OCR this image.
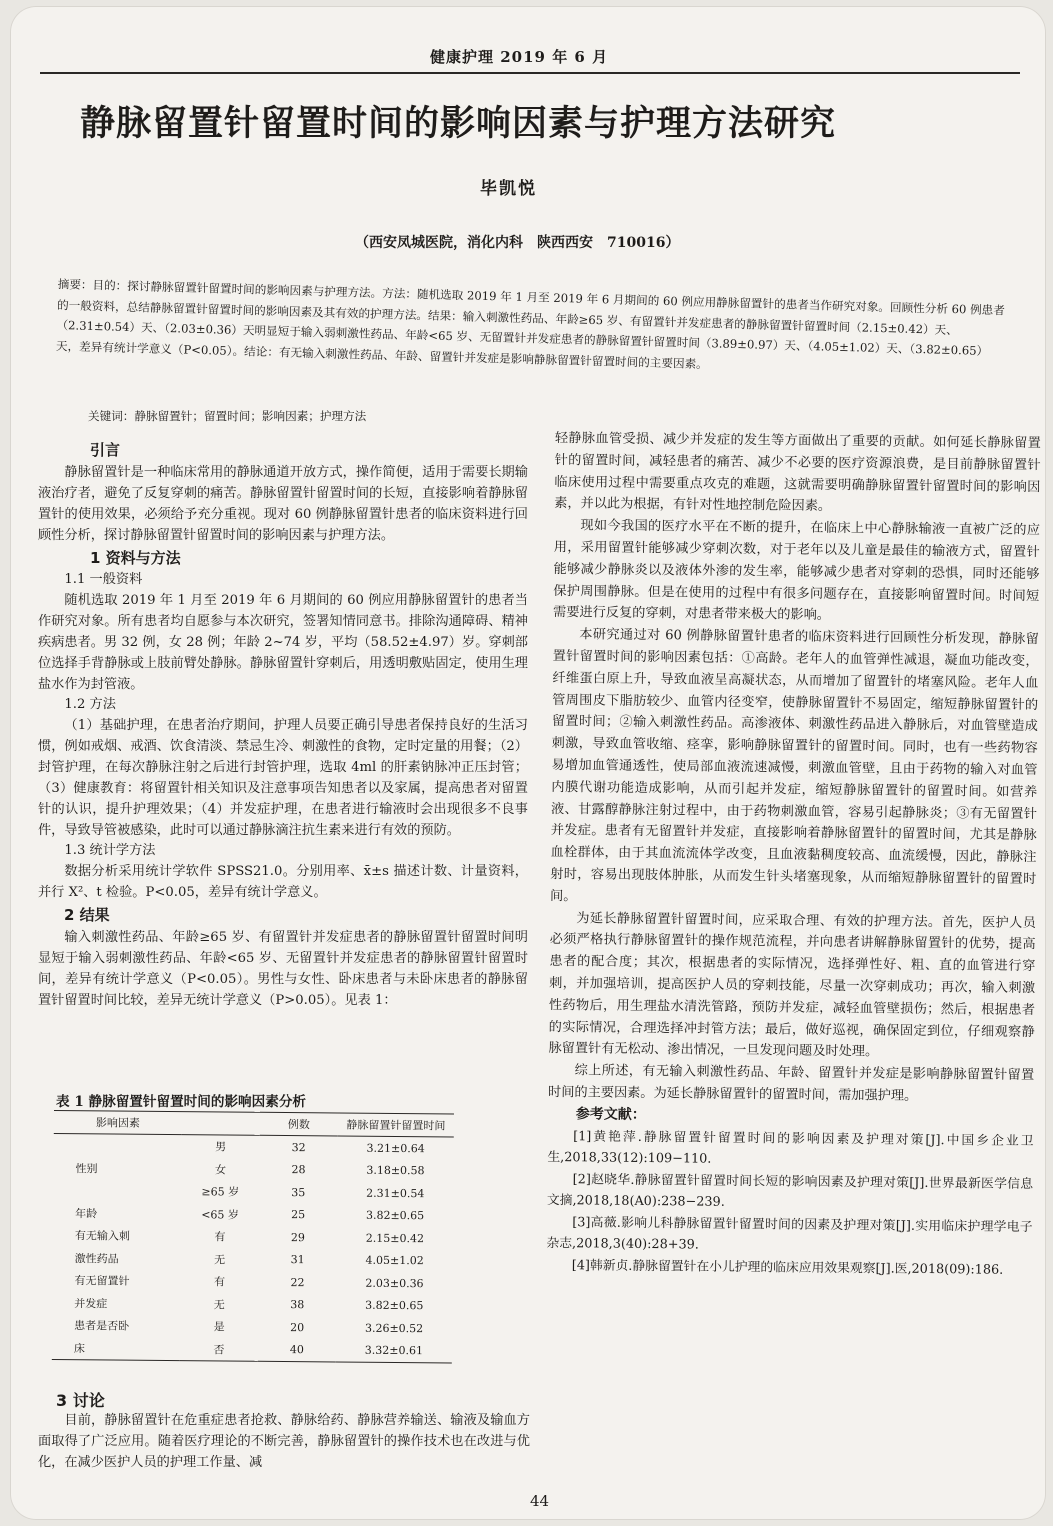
健康护理 2019 年 6 月
静脉留置针留置时间的影响因素与护理方法研究
毕凯悦
（西安凤城医院，消化内科　陕西西安　710016）

摘要：目的：探讨静脉留置针留置时间的影响因素与护理方法。方法：随机选取 2019 年 1 月至 2019 年 6 月期间的 60 例应用静脉留置针的患者当作研究对象。回顾性分析 60 例患者的一般资料，总结静脉留置针留置时间的影响因素及其有效的护理方法。结果：输入刺激性药品、年龄≥65 岁、有留置针并发症患者的静脉留置针留置时间（2.15±0.42）天、（2.31±0.54）天、（2.03±0.36）天明显短于输入弱刺激性药品、年龄<65 岁、无留置针并发症患者的静脉留置针留置时间（3.89±0.97）天、（4.05±1.02）天、（3.82±0.65）天，差异有统计学意义（P<0.05）。结论：有无输入刺激性药品、年龄、留置针并发症是影响静脉留置针留置时间的主要因素。

关键词：静脉留置针；留置时间；影响因素；护理方法
引言

静脉留置针是一种临床常用的静脉通道开放方式，操作简便，适用于需要长期输液治疗者，避免了反复穿刺的痛苦。静脉留置针留置时间的长短，直接影响着静脉留置针的使用效果，必须给予充分重视。现对 60 例静脉留置针患者的临床资料进行回顾性分析，探讨静脉留置针留置时间的影响因素与护理方法。

1 资料与方法

1.1 一般资料

随机选取 2019 年 1 月至 2019 年 6 月期间的 60 例应用静脉留置针的患者当作研究对象。所有患者均自愿参与本次研究，签署知情同意书。排除沟通障碍、精神疾病患者。男 32 例，女 28 例；年龄 2~74 岁，平均（58.52±4.97）岁。穿刺部位选择手背静脉或上肢前臂处静脉。静脉留置针穿刺后，用透明敷贴固定，使用生理盐水作为封管液。

1.2 方法

（1）基础护理，在患者治疗期间，护理人员要正确引导患者保持良好的生活习惯，例如戒烟、戒酒、饮食清淡、禁忌生冷、刺激性的食物，定时定量的用餐；（2）封管护理，在每次静脉注射之后进行封管护理，选取 4ml 的肝素钠脉冲正压封管；（3）健康教育：将留置针相关知识及注意事项告知患者以及家属，提高患者对留置针的认识，提升护理效果；（4）并发症护理，在患者进行输液时会出现很多不良事件，导致导管被感染，此时可以通过静脉滴注抗生素来进行有效的预防。

1.3 统计学方法

数据分析采用统计学软件 SPSS21.0。分别用率、x̄±s 描述计数、计量资料，并行 X²、t 检验。P<0.05，差异有统计学意义。

2 结果

输入刺激性药品、年龄≥65 岁、有留置针并发症患者的静脉留置针留置时间明显短于输入弱刺激性药品、年龄<65 岁、无留置针并发症患者的静脉留置针留置时间，差异有统计学意义（P<0.05）。男性与女性、卧床患者与未卧床患者的静脉留置针留置时间比较，差异无统计学意义（P>0.05）。见表 1：

表 1 静脉留置针留置时间的影响因素分析
影响因素		例数	静脉留置针留置时间
	男	32	3.21±0.64
性别	女	28	3.18±0.58
	≥65 岁	35	2.31±0.54
年龄	<65 岁	25	3.82±0.65
有无输入刺	有	29	2.15±0.42
激性药品	无	31	4.05±1.02
有无留置针	有	22	2.03±0.36
并发症	无	38	3.82±0.65
患者是否卧	是	20	3.26±0.52
床	否	40	3.32±0.61
3 讨论

目前，静脉留置针在危重症患者抢救、静脉给药、静脉营养输送、输液及输血方面取得了广泛应用。随着医疗理论的不断完善，静脉留置针的操作技术也在改进与优化，在减少医护人员的护理工作量、减

轻静脉血管受损、减少并发症的发生等方面做出了重要的贡献。如何延长静脉留置针的留置时间，减轻患者的痛苦、减少不必要的医疗资源浪费，是目前静脉留置针临床使用过程中需要重点攻克的难题，这就需要明确静脉留置针留置时间的影响因素，并以此为根据，有针对性地控制危险因素。

现如今我国的医疗水平在不断的提升，在临床上中心静脉输液一直被广泛的应用，采用留置针能够减少穿刺次数，对于老年以及儿童是最佳的输液方式，留置针能够减少静脉炎以及液体外渗的发生率，能够减少患者对穿刺的恐惧，同时还能够保护周围静脉。但是在使用的过程中有很多问题存在，直接影响留置时间。时间短需要进行反复的穿刺，对患者带来极大的影响。

本研究通过对 60 例静脉留置针患者的临床资料进行回顾性分析发现，静脉留置针留置时间的影响因素包括：①高龄。老年人的血管弹性减退，凝血功能改变，纤维蛋白原上升，导致血液呈高凝状态，从而增加了留置针的堵塞风险。老年人血管周围皮下脂肪较少、血管内径变窄，使静脉留置针不易固定，缩短静脉留置针的留置时间；②输入刺激性药品。高渗液体、刺激性药品进入静脉后，对血管壁造成刺激，导致血管收缩、痉挛，影响静脉留置针的留置时间。同时，也有一些药物容易增加血管通透性，使局部血液流速减慢，刺激血管壁，且由于药物的输入对血管内膜代谢功能造成影响，从而引起并发症，缩短静脉留置针的留置时间。如营养液、甘露醇静脉注射过程中，由于药物刺激血管，容易引起静脉炎；③有无留置针并发症。患者有无留置针并发症，直接影响着静脉留置针的留置时间，尤其是静脉血栓群体，由于其血流流体学改变，且血液黏稠度较高、血流缓慢，因此，静脉注射时，容易出现肢体肿胀，从而发生针头堵塞现象，从而缩短静脉留置针的留置时间。

为延长静脉留置针留置时间，应采取合理、有效的护理方法。首先，医护人员必须严格执行静脉留置针的操作规范流程，并向患者讲解静脉留置针的优势，提高患者的配合度；其次，根据患者的实际情况，选择弹性好、粗、直的血管进行穿刺，并加强培训，提高医护人员的穿刺技能，尽量一次穿刺成功；再次，输入刺激性药物后，用生理盐水清洗管路，预防并发症，减轻血管壁损伤；然后，根据患者的实际情况，合理选择冲封管方法；最后，做好巡视，确保固定到位，仔细观察静脉留置针有无松动、渗出情况，一旦发现问题及时处理。

综上所述，有无输入刺激性药品、年龄、留置针并发症是影响静脉留置针留置时间的主要因素。为延长静脉留置针的留置时间，需加强护理。

参考文献：

[1]黄艳萍.静脉留置针留置时间的影响因素及护理对策[J].中国乡企业卫生,2018,33(12):109−110.

[2]赵晓华.静脉留置针留置时间长短的影响因素及护理对策[J].世界最新医学信息文摘,2018,18(A0):238−239.

[3]高薇.影响儿科静脉留置针留置时间的因素及护理对策[J].实用临床护理学电子杂志,2018,3(40):28+39.

[4]韩新贞.静脉留置针在小儿护理的临床应用效果观察[J].医,2018(09):186.

44
